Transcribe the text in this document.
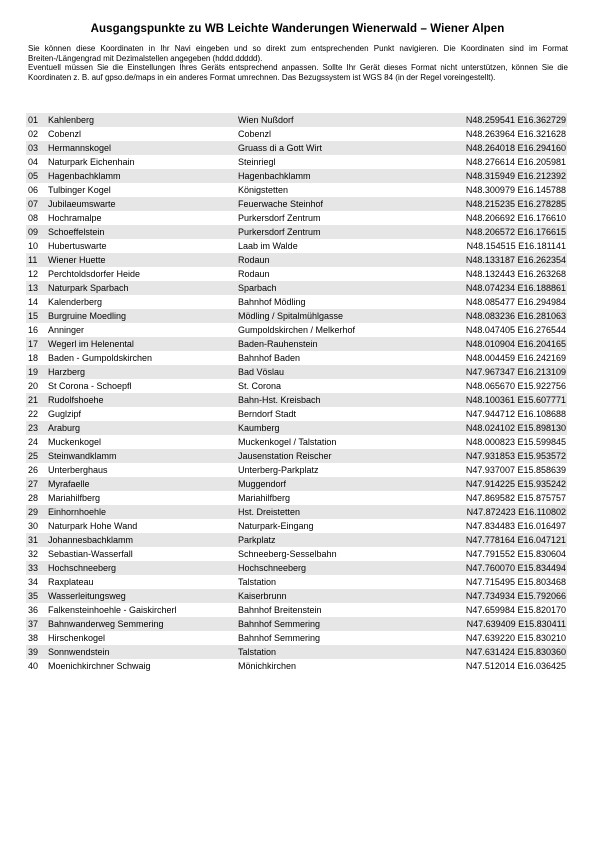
Ausgangspunkte zu WB Leichte Wanderungen Wienerwald – Wiener Alpen

Sie können diese Koordinaten in Ihr Navi eingeben und so direkt zum entsprechenden Punkt navigieren. Die Koordinaten sind im Format Breiten-/Längengrad mit Dezimalstellen angegeben (hddd.ddddd).

Eventuell müssen Sie die Einstellungen Ihres Geräts entsprechend anpassen. Sollte Ihr Gerät dieses Format nicht unterstützen, können Sie die Koordinaten z. B. auf gpso.de/maps in ein anderes Format umrechnen. Das Bezugssystem ist WGS 84 (in der Regel voreingestellt).

01	Kahlenberg	Wien Nußdorf	N48.259541 E16.362729
02	Cobenzl	Cobenzl	N48.263964 E16.321628
03	Hermannskogel	Gruass di a Gott Wirt	N48.264018 E16.294160
04	Naturpark Eichenhain	Steinriegl	N48.276614 E16.205981
05	Hagenbachklamm	Hagenbachklamm	N48.315949 E16.212392
06	Tulbinger Kogel	Königstetten	N48.300979 E16.145788
07	Jubilaeumswarte	Feuerwache Steinhof	N48.215235 E16.278285
08	Hochramalpe	Purkersdorf Zentrum	N48.206692 E16.176610
09	Schoeffelstein	Purkersdorf Zentrum	N48.206572 E16.176615
10	Hubertuswarte	Laab im Walde	N48.154515 E16.181141
11	Wiener Huette	Rodaun	N48.133187 E16.262354
12	Perchtoldsdorfer Heide	Rodaun	N48.132443 E16.263268
13	Naturpark Sparbach	Sparbach	N48.074234 E16.188861
14	Kalenderberg	Bahnhof Mödling	N48.085477 E16.294984
15	Burgruine Moedling	Mödling / Spitalmühlgasse	N48.083236 E16.281063
16	Anninger	Gumpoldskirchen / Melkerhof	N48.047405 E16.276544
17	Wegerl im Helenental	Baden-Rauhenstein	N48.010904 E16.204165
18	Baden - Gumpoldskirchen	Bahnhof Baden	N48.004459 E16.242169
19	Harzberg	Bad Vöslau	N47.967347 E16.213109
20	St Corona - Schoepfl	St. Corona	N48.065670 E15.922756
21	Rudolfshoehe	Bahn-Hst. Kreisbach	N48.100361 E15.607771
22	Guglzipf	Berndorf Stadt	N47.944712 E16.108688
23	Araburg	Kaumberg	N48.024102 E15.898130
24	Muckenkogel	Muckenkogel / Talstation	N48.000823 E15.599845
25	Steinwandklamm	Jausenstation Reischer	N47.931853 E15.953572
26	Unterberghaus	Unterberg-Parkplatz	N47.937007 E15.858639
27	Myrafaelle	Muggendorf	N47.914225 E15.935242
28	Mariahilfberg	Mariahilfberg	N47.869582 E15.875757
29	Einhornhoehle	Hst. Dreistetten	N47.872423 E16.110802
30	Naturpark Hohe Wand	Naturpark-Eingang	N47.834483 E16.016497
31	Johannesbachklamm	Parkplatz	N47.778164 E16.047121
32	Sebastian-Wasserfall	Schneeberg-Sesselbahn	N47.791552 E15.830604
33	Hochschneeberg	Hochschneeberg	N47.760070 E15.834494
34	Raxplateau	Talstation	N47.715495 E15.803468
35	Wasserleitungsweg	Kaiserbrunn	N47.734934 E15.792066
36	Falkensteinhoehle - Gaiskircherl	Bahnhof Breitenstein	N47.659984 E15.820170
37	Bahnwanderweg Semmering	Bahnhof Semmering	N47.639409 E15.830411
38	Hirschenkogel	Bahnhof Semmering	N47.639220 E15.830210
39	Sonnwendstein	Talstation	N47.631424 E15.830360
40	Moenichkirchner Schwaig	Mönichkirchen	N47.512014 E16.036425
